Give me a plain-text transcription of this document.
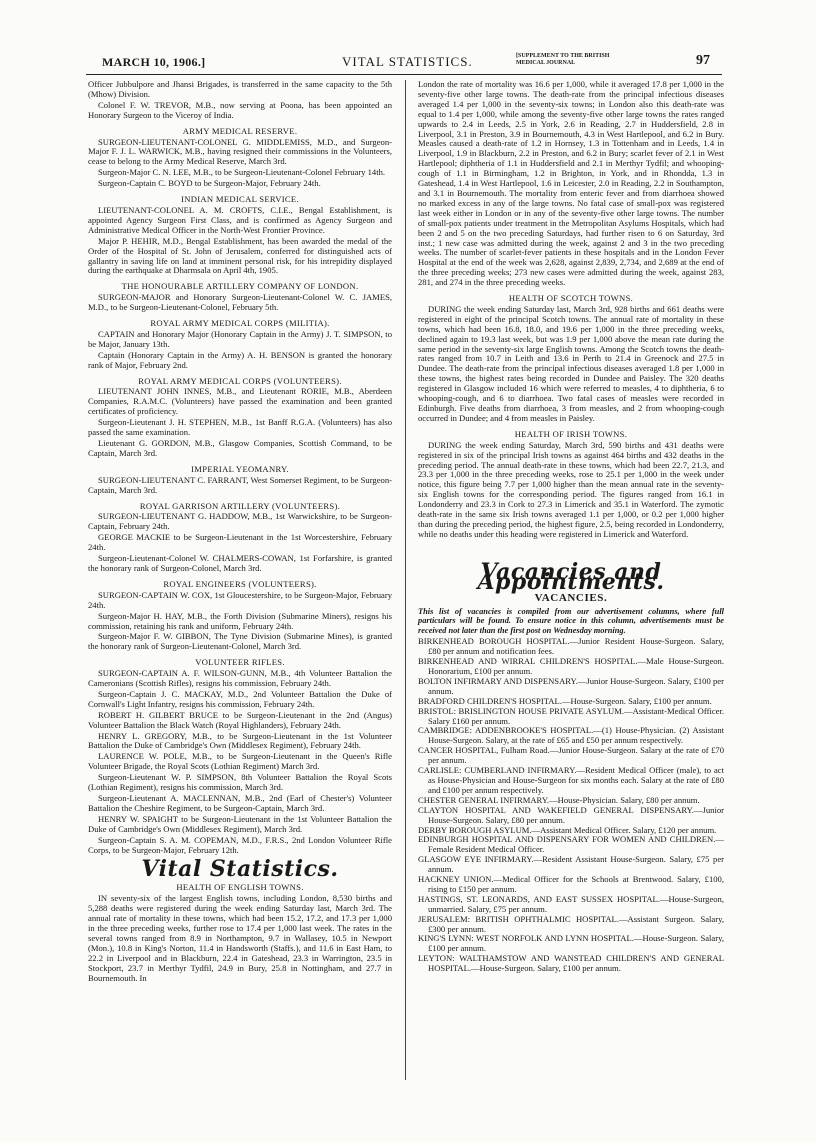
MARCH 10, 1906.]	VITAL STATISTICS.	[SUPPLEMENT TO THE BRITISH MEDICAL JOURNAL	97

Officer Jubbulpore and Jhansi Brigades, is transferred in the same capacity to the 5th (Mhow) Division.

Colonel F. W. TREVOR, M.B., now serving at Poona, has been appointed an Honorary Surgeon to the Viceroy of India.

ARMY MEDICAL RESERVE.

SURGEON-LIEUTENANT-COLONEL G. MIDDLEMISS, M.D., and Surgeon-Major F. J. L. WARWICK, M.B., having resigned their commissions in the Volunteers, cease to belong to the Army Medical Reserve, March 3rd.

Surgeon-Major C. N. LEE, M.B., to be Surgeon-Lieutenant-Colonel February 14th.

Surgeon-Captain C. BOYD to be Surgeon-Major, February 24th.

INDIAN MEDICAL SERVICE.

LIEUTENANT-COLONEL A. M. CROFTS, C.I.E., Bengal Establishment, is appointed Agency Surgeon First Class, and is confirmed as Agency Surgeon and Administrative Medical Officer in the North-West Frontier Province.

Major P. HEHIR, M.D., Bengal Establishment, has been awarded the medal of the Order of the Hospital of St. John of Jerusalem, conferred for distinguished acts of gallantry in saving life on land at imminent personal risk, for his intrepidity displayed during the earthquake at Dharmsala on April 4th, 1905.

THE HONOURABLE ARTILLERY COMPANY OF LONDON.

SURGEON-MAJOR and Honorary Surgeon-Lieutenant-Colonel W. C. JAMES, M.D., to be Surgeon-Lieutenant-Colonel, February 5th.

ROYAL ARMY MEDICAL CORPS (MILITIA).

CAPTAIN and Honorary Major (Honorary Captain in the Army) J. T. SIMPSON, to be Major, January 13th.

Captain (Honorary Captain in the Army) A. H. BENSON is granted the honorary rank of Major, February 2nd.

ROYAL ARMY MEDICAL CORPS (VOLUNTEERS).

LIEUTENANT JOHN INNES, M.B., and Lieutenant RORIE, M.B., Aberdeen Companies, R.A.M.C. (Volunteers) have passed the examination and been granted certificates of proficiency.

Surgeon-Lieutenant J. H. STEPHEN, M.B., 1st Banff R.G.A. (Volunteers) has also passed the same examination.

Lieutenant G. GORDON, M.B., Glasgow Companies, Scottish Command, to be Captain, March 3rd.

IMPERIAL YEOMANRY.

SURGEON-LIEUTENANT C. FARRANT, West Somerset Regiment, to be Surgeon-Captain, March 3rd.

ROYAL GARRISON ARTILLERY (VOLUNTEERS).

SURGEON-LIEUTENANT G. HADDOW, M.B., 1st Warwickshire, to be Surgeon-Captain, February 24th.

GEORGE MACKIE to be Surgeon-Lieutenant in the 1st Worcestershire, February 24th.

Surgeon-Lieutenant-Colonel W. CHALMERS-COWAN, 1st Forfarshire, is granted the honorary rank of Surgeon-Colonel, March 3rd.

ROYAL ENGINEERS (VOLUNTEERS).

SURGEON-CAPTAIN W. COX, 1st Gloucestershire, to be Surgeon-Major, February 24th.

Surgeon-Major H. HAY, M.B., the Forth Division (Submarine Miners), resigns his commission, retaining his rank and uniform, February 24th.

Surgeon-Major F. W. GIBBON, The Tyne Division (Submarine Mines), is granted the honorary rank of Surgeon-Lieutenant-Colonel, March 3rd.

VOLUNTEER RIFLES.

SURGEON-CAPTAIN A. F. WILSON-GUNN, M.B., 4th Volunteer Battalion the Cameronians (Scottish Rifles), resigns his commission, February 24th.

Surgeon-Captain J. C. MACKAY, M.D., 2nd Volunteer Battalion the Duke of Cornwall's Light Infantry, resigns his commission, February 24th.

ROBERT H. GILBERT BRUCE to be Surgeon-Lieutenant in the 2nd (Angus) Volunteer Battalion the Black Watch (Royal Highlanders), February 24th.

HENRY L. GREGORY, M.B., to be Surgeon-Lieutenant in the 1st Volunteer Battalion the Duke of Cambridge's Own (Middlesex Regiment), February 24th.

LAURENCE W. POLE, M.B., to be Surgeon-Lieutenant in the Queen's Rifle Volunteer Brigade, the Royal Scots (Lothian Regiment) March 3rd.

Surgeon-Lieutenant W. P. SIMPSON, 8th Volunteer Battalion the Royal Scots (Lothian Regiment), resigns his commission, March 3rd.

Surgeon-Lieutenant A. MACLENNAN, M.B., 2nd (Earl of Chester's) Volunteer Battalion the Cheshire Regiment, to be Surgeon-Captain, March 3rd.

HENRY W. SPAIGHT to be Surgeon-Lieutenant in the 1st Volunteer Battalion the Duke of Cambridge's Own (Middlesex Regiment), March 3rd.

Surgeon-Captain S. A. M. COPEMAN, M.D., F.R.S., 2nd London Volunteer Rifle Corps, to be Surgeon-Major, February 12th.

Vital Statistics.
HEALTH OF ENGLISH TOWNS.

IN seventy-six of the largest English towns, including London, 8,530 births and 5,288 deaths were registered during the week ending Saturday last, March 3rd. The annual rate of mortality in these towns, which had been 15.2, 17.2, and 17.3 per 1,000 in the three preceding weeks, further rose to 17.4 per 1,000 last week. The rates in the several towns ranged from 8.9 in Northampton, 9.7 in Wallasey, 10.5 in Newport (Mon.), 10.8 in King's Norton, 11.4 in Handsworth (Staffs.), and 11.6 in East Ham, to 22.2 in Liverpool and in Blackburn, 22.4 in Gateshead, 23.3 in Warrington, 23.5 in Stockport, 23.7 in Merthyr Tydfil, 24.9 in Bury, 25.8 in Nottingham, and 27.7 in Bournemouth. In

London the rate of mortality was 16.6 per 1,000, while it averaged 17.8 per 1,000 in the seventy-five other large towns. The death-rate from the principal infectious diseases averaged 1.4 per 1,000 in the seventy-six towns; in London also this death-rate was equal to 1.4 per 1,000, while among the seventy-five other large towns the rates ranged upwards to 2.4 in Leeds, 2.5 in York, 2.6 in Reading, 2.7 in Huddersfield, 2.8 in Liverpool, 3.1 in Preston, 3.9 in Bournemouth, 4.3 in West Hartlepool, and 6.2 in Bury. Measles caused a death-rate of 1.2 in Hornsey, 1.3 in Tottenham and in Leeds, 1.4 in Liverpool, 1.9 in Blackburn, 2.2 in Preston, and 6.2 in Bury; scarlet fever of 2.1 in West Hartlepool; diphtheria of 1.1 in Huddersfield and 2.1 in Merthyr Tydfil; and whooping-cough of 1.1 in Birmingham, 1.2 in Brighton, in York, and in Rhondda, 1.3 in Gateshead, 1.4 in West Hartlepool, 1.6 in Leicester, 2.0 in Reading, 2.2 in Southampton, and 3.1 in Bournemouth. The mortality from enteric fever and from diarrhoea showed no marked excess in any of the large towns. No fatal case of small-pox was registered last week either in London or in any of the seventy-five other large towns. The number of small-pox patients under treatment in the Metropolitan Asylums Hospitals, which had been 2 and 5 on the two preceding Saturdays, had further risen to 6 on Saturday, 3rd inst.; 1 new case was admitted during the week, against 2 and 3 in the two preceding weeks. The number of scarlet-fever patients in these hospitals and in the London Fever Hospital at the end of the week was 2,628, against 2,839, 2,734, and 2,689 at the end of the three preceding weeks; 273 new cases were admitted during the week, against 283, 281, and 274 in the three preceding weeks.

HEALTH OF SCOTCH TOWNS.

DURING the week ending Saturday last, March 3rd, 928 births and 661 deaths were registered in eight of the principal Scotch towns. The annual rate of mortality in these towns, which had been 16.8, 18.0, and 19.6 per 1,000 in the three preceding weeks, declined again to 19.3 last week, but was 1.9 per 1,000 above the mean rate during the same period in the seventy-six large English towns. Among the Scotch towns the death-rates ranged from 10.7 in Leith and 13.6 in Perth to 21.4 in Greenock and 27.5 in Dundee. The death-rate from the principal infectious diseases averaged 1.8 per 1,000 in these towns, the highest rates being recorded in Dundee and Paisley. The 320 deaths registered in Glasgow included 16 which were referred to measles, 4 to diphtheria, 6 to whooping-cough, and 6 to diarrhoea. Two fatal cases of measles were recorded in Edinburgh. Five deaths from diarrhoea, 3 from measles, and 2 from whooping-cough occurred in Dundee; and 4 from measles in Paisley.

HEALTH OF IRISH TOWNS.

DURING the week ending Saturday, March 3rd, 590 births and 431 deaths were registered in six of the principal Irish towns as against 464 births and 432 deaths in the preceding period. The annual death-rate in these towns, which had been 22.7, 21.3, and 23.3 per 1,000 in the three preceding weeks, rose to 25.1 per 1,000 in the week under notice, this figure being 7.7 per 1,000 higher than the mean annual rate in the seventy-six English towns for the corresponding period. The figures ranged from 16.1 in Londonderry and 23.3 in Cork to 27.3 in Limerick and 35.1 in Waterford. The zymotic death-rate in the same six Irish towns averaged 1.1 per 1,000, or 0.2 per 1,000 higher than during the preceding period, the highest figure, 2.5, being recorded in Londonderry, while no deaths under this heading were registered in Limerick and Waterford.

Vacancies and Appointments.
VACANCIES.

This list of vacancies is compiled from our advertisement columns, where full particulars will be found. To ensure notice in this column, advertisements must be received not later than the first post on Wednesday morning.

BIRKENHEAD BOROUGH HOSPITAL.—Junior Resident House-Surgeon. Salary, £80 per annum and notification fees.

BIRKENHEAD AND WIRRAL CHILDREN'S HOSPITAL.—Male House-Surgeon. Honorarium, £100 per annum.

BOLTON INFIRMARY AND DISPENSARY.—Junior House-Surgeon. Salary, £100 per annum.

BRADFORD CHILDREN'S HOSPITAL.—House-Surgeon. Salary, £100 per annum.

BRISTOL: BRISLINGTON HOUSE PRIVATE ASYLUM.—Assistant-Medical Officer. Salary £160 per annum.

CAMBRIDGE: ADDENBROOKE'S HOSPITAL.—(1) House-Physician. (2) Assistant House-Surgeon. Salary, at the rate of £65 and £50 per annum respectively.

CANCER HOSPITAL, Fulham Road.—Junior House-Surgeon. Salary at the rate of £70 per annum.

CARLISLE: CUMBERLAND INFIRMARY.—Resident Medical Officer (male), to act as House-Physician and House-Surgeon for six months each. Salary at the rate of £80 and £100 per annum respectively.

CHESTER GENERAL INFIRMARY.—House-Physician. Salary, £80 per annum.

CLAYTON HOSPITAL AND WAKEFIELD GENERAL DISPENSARY.—Junior House-Surgeon. Salary, £80 per annum.

DERBY BOROUGH ASYLUM.—Assistant Medical Officer. Salary, £120 per annum.

EDINBURGH HOSPITAL AND DISPENSARY FOR WOMEN AND CHILDREN.—Female Resident Medical Officer.

GLASGOW EYE INFIRMARY.—Resident Assistant House-Surgeon. Salary, £75 per annum.

HACKNEY UNION.—Medical Officer for the Schools at Brentwood. Salary, £100, rising to £150 per annum.

HASTINGS, ST. LEONARDS, AND EAST SUSSEX HOSPITAL.—House-Surgeon, unmarried. Salary, £75 per annum.

JERUSALEM: BRITISH OPHTHALMIC HOSPITAL.—Assistant Surgeon. Salary, £300 per annum.

KING'S LYNN: WEST NORFOLK AND LYNN HOSPITAL.—House-Surgeon. Salary, £100 per annum.

LEYTON: WALTHAMSTOW AND WANSTEAD CHILDREN'S AND GENERAL HOSPITAL.—House-Surgeon. Salary, £100 per annum.
